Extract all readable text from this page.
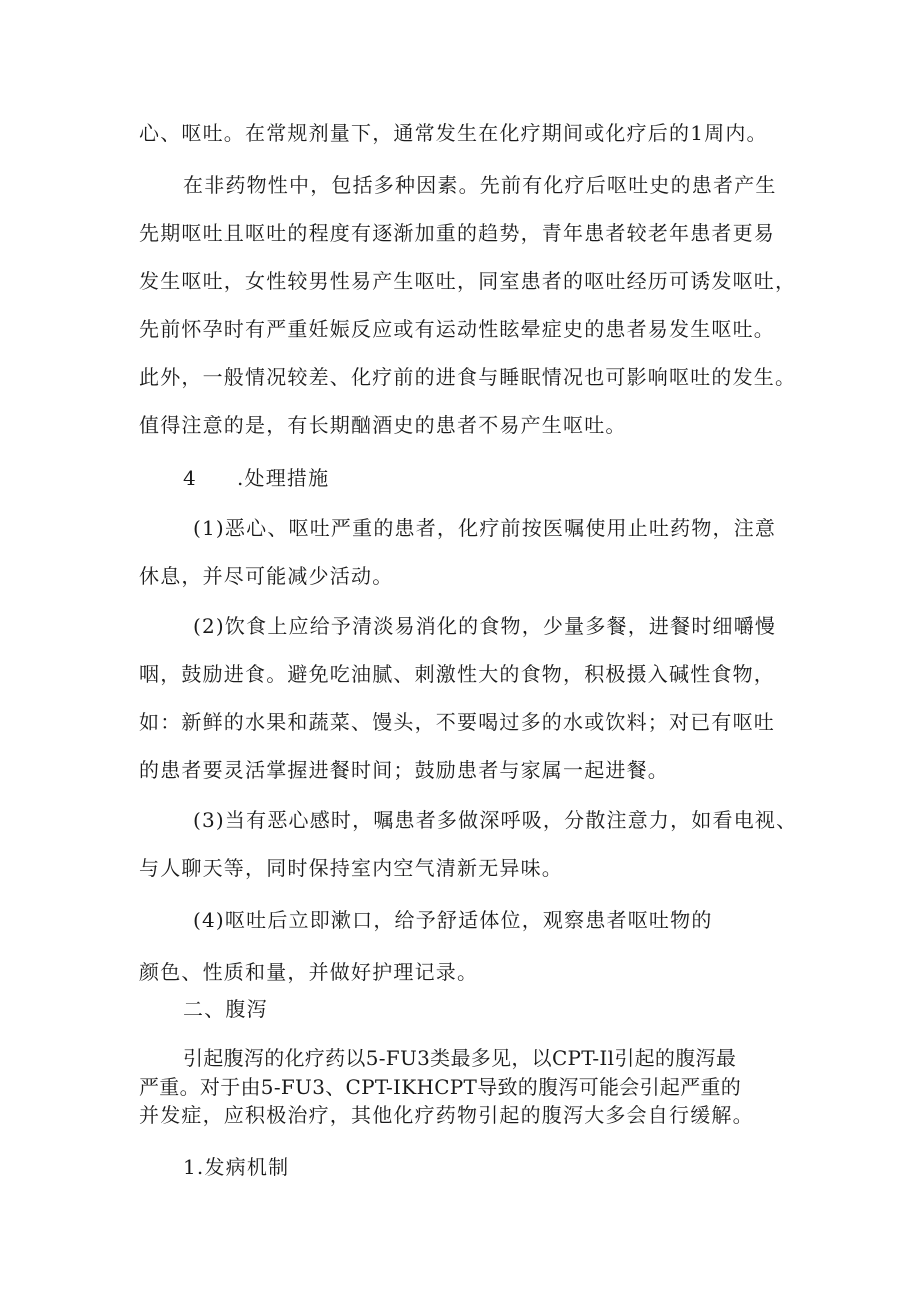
心、呕吐。在常规剂量下，通常发生在化疗期间或化疗后的1周内。
在非药物性中，包括多种因素。先前有化疗后呕吐史的患者产生
先期呕吐且呕吐的程度有逐渐加重的趋势，青年患者较老年患者更易
发生呕吐，女性较男性易产生呕吐，同室患者的呕吐经历可诱发呕吐，
先前怀孕时有严重妊娠反应或有运动性眩晕症史的患者易发生呕吐。
此外，一般情况较差、化疗前的进食与睡眠情况也可影响呕吐的发生。
值得注意的是，有长期酗酒史的患者不易产生呕吐。
4 .处理措施
(1)恶心、呕吐严重的患者，化疗前按医嘱使用止吐药物，注意
休息，并尽可能减少活动。
(2)饮食上应给予清淡易消化的食物，少量多餐，进餐时细嚼慢
咽，鼓励进食。避免吃油腻、刺激性大的食物，积极摄入碱性食物，
如：新鲜的水果和蔬菜、馒头，不要喝过多的水或饮料；对已有呕吐
的患者要灵活掌握进餐时间；鼓励患者与家属一起进餐。
(3)当有恶心感时，嘱患者多做深呼吸，分散注意力，如看电视、
与人聊天等，同时保持室内空气清新无异味。
(4)呕吐后立即漱口，给予舒适体位，观察患者呕吐物的
颜色、性质和量，并做好护理记录。
二、腹泻
引起腹泻的化疗药以5-FU3类最多见，以CPT-Il引起的腹泻最
严重。对于由5-FU3、CPT-IKHCPT导致的腹泻可能会引起严重的
并发症，应积极治疗，其他化疗药物引起的腹泻大多会自行缓解。
1.发病机制
